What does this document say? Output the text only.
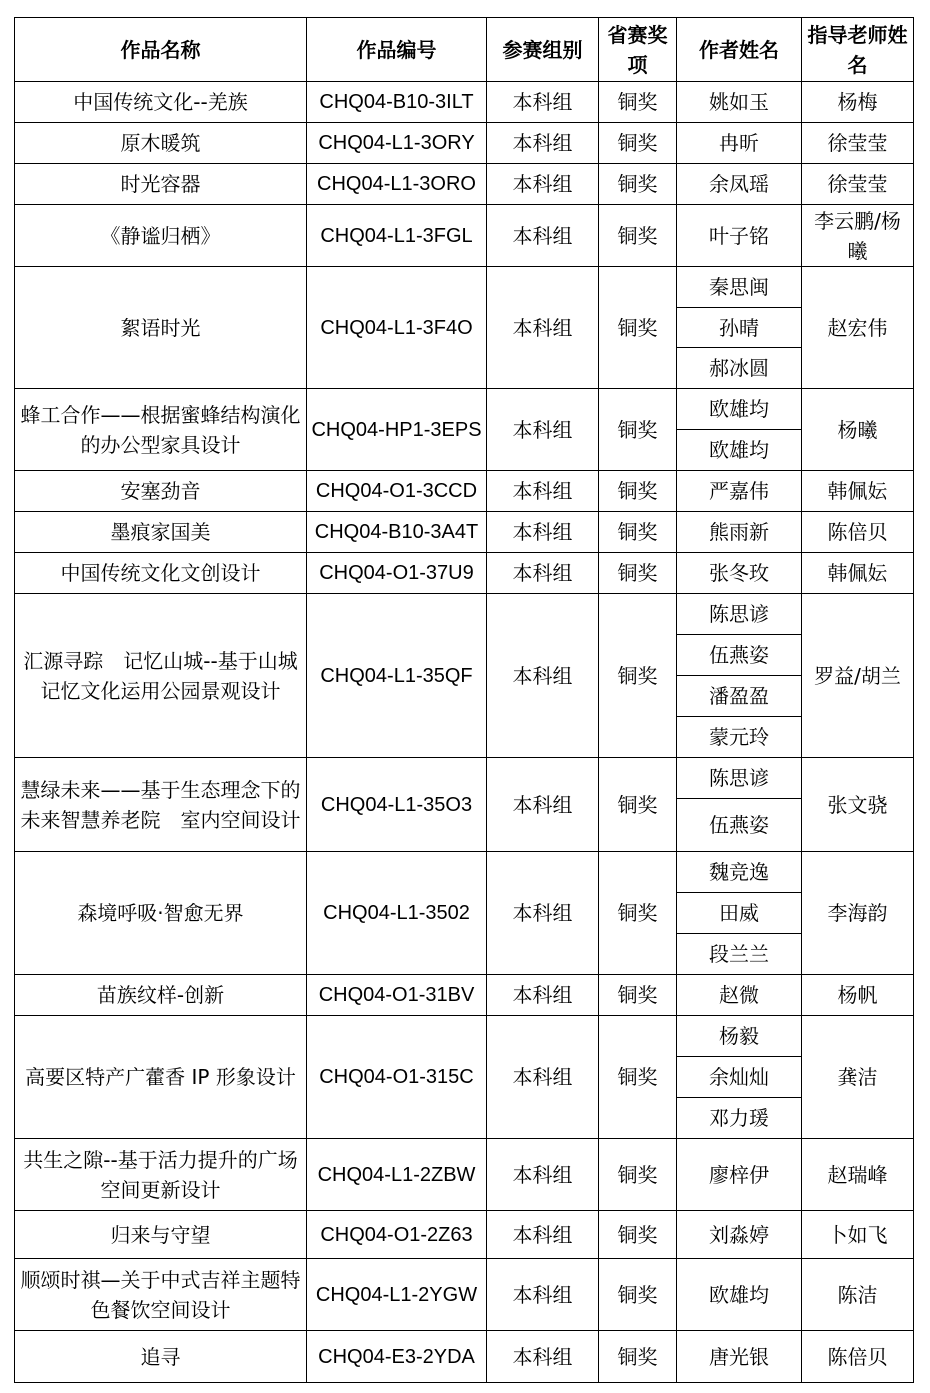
作品名称	作品编号	参赛组别	省赛奖项	作者姓名	指导老师姓名
中国传统文化--羌族	CHQ04-B10-3ILT	本科组	铜奖	姚如玉	杨梅
原木暖筑	CHQ04-L1-3ORY	本科组	铜奖	冉昕	徐莹莹
时光容器	CHQ04-L1-3ORO	本科组	铜奖	余凤瑶	徐莹莹
《静谧归栖》	CHQ04-L1-3FGL	本科组	铜奖	叶子铭	李云鹏/杨曦
絮语时光	CHQ04-L1-3F4O	本科组	铜奖	秦思闽	赵宏伟
				孙晴	
				郝冰圆	
蜂工合作——根据蜜蜂结构演化的办公型家具设计	CHQ04-HP1-3EPS	本科组	铜奖	欧雄均	杨曦
				欧雄均	
安塞劲音	CHQ04-O1-3CCD	本科组	铜奖	严嘉伟	韩佩妘
墨痕家国美	CHQ04-B10-3A4T	本科组	铜奖	熊雨新	陈倍贝
中国传统文化文创设计	CHQ04-O1-37U9	本科组	铜奖	张冬玫	韩佩妘
汇源寻踪　记忆山城--基于山城记忆文化运用公园景观设计	CHQ04-L1-35QF	本科组	铜奖	陈思谚	罗益/胡兰
				伍燕姿	
				潘盈盈	
				蒙元玲	
慧绿未来——基于生态理念下的未来智慧养老院　室内空间设计	CHQ04-L1-35O3	本科组	铜奖	陈思谚	张文骁
				伍燕姿	
森境呼吸·智愈无界	CHQ04-L1-3502	本科组	铜奖	魏竞逸	李海韵
				田威	
				段兰兰	
苗族纹样-创新	CHQ04-O1-31BV	本科组	铜奖	赵微	杨帆
高要区特产广藿香 IP 形象设计	CHQ04-O1-315C	本科组	铜奖	杨毅	龚洁
				余灿灿	
				邓力瑗	
共生之隙--基于活力提升的广场空间更新设计	CHQ04-L1-2ZBW	本科组	铜奖	廖梓伊	赵瑞峰
归来与守望	CHQ04-O1-2Z63	本科组	铜奖	刘淼婷	卜如飞
顺颂时祺—关于中式吉祥主题特色餐饮空间设计	CHQ04-L1-2YGW	本科组	铜奖	欧雄均	陈洁
追寻	CHQ04-E3-2YDA	本科组	铜奖	唐光银	陈倍贝
